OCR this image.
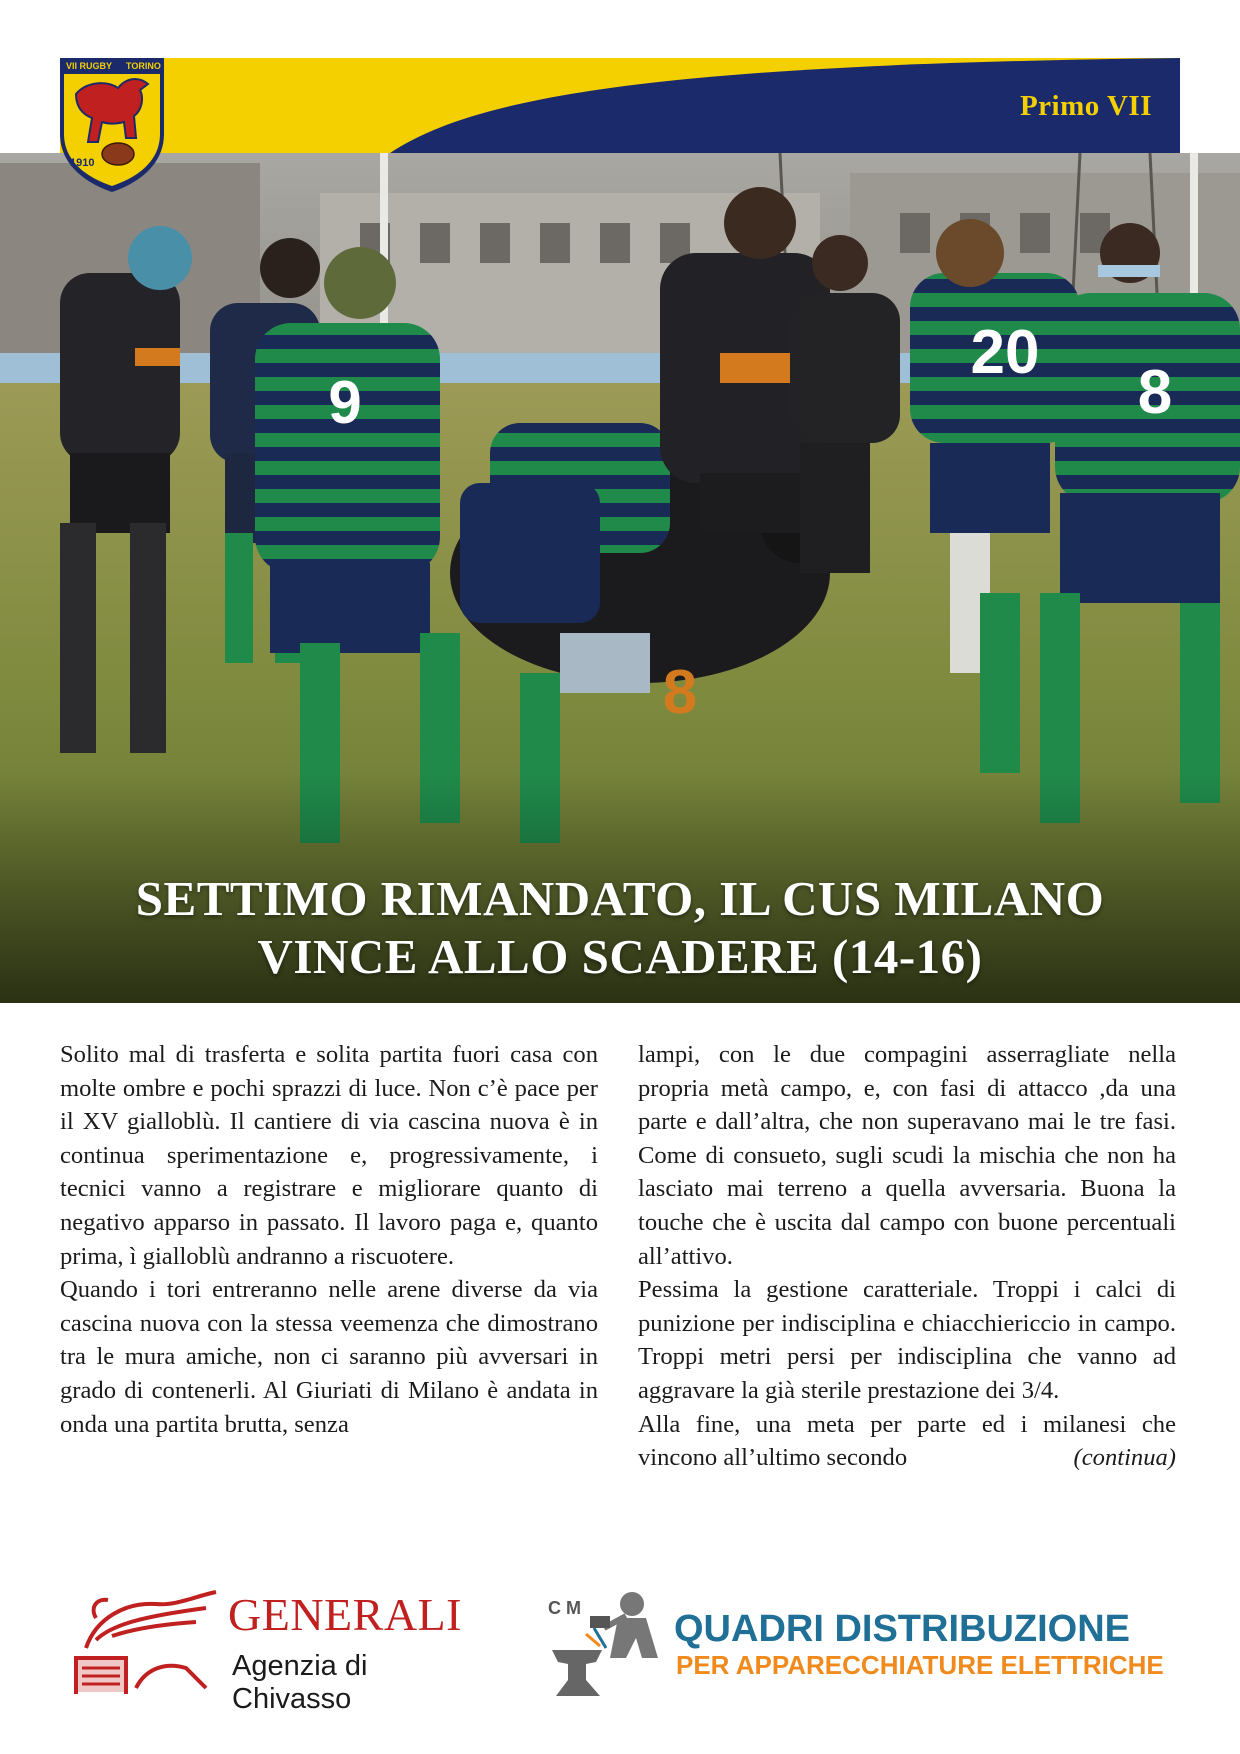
Primo VII
VII RUGBY TORINO
1910
9
8
20
8
SETTIMO RIMANDATO, IL CUS MILANO
VINCE ALLO SCADERE (14-16)

Solito mal di trasferta e solita partita fuori casa con molte ombre e pochi sprazzi di luce. Non c’è pace per il XV gialloblù. Il cantiere di via cascina nuova è in continua sperimentazione e, progressivamente, i tecnici vanno a registrare e migliorare quanto di negativo apparso in passato. Il lavoro paga e, quanto prima, ì gialloblù andranno a riscuotere.

Quando i tori entreranno nelle arene diverse da via cascina nuova con la stessa veemenza che dimostrano tra le mura amiche, non ci saranno più avversari in grado di contenerli. Al Giuriati di Milano è andata in onda una partita brutta, senza

lampi, con le due compagini asserragliate nella propria metà campo, e, con fasi di attacco ,da una parte e dall’altra, che non superavano mai le tre fasi. Come di consueto, sugli scudi la mischia che non ha lasciato mai terreno a quella avversaria. Buona la touche che è uscita dal campo con buone percentuali all’attivo.

Pessima la gestione caratteriale. Troppi i calci di punizione per indisciplina e chiacchiericcio in campo. Troppi metri persi per indisciplina che vanno ad aggravare la già sterile prestazione dei 3/4.

Alla fine, una meta per parte ed i milanesi che vincono all’ultimo secondo	(continua)

GENERALI
Agenzia di Chivasso
C M QUADRI DISTRIBUZIONE
PER APPARECCHIATURE ELETTRICHE
